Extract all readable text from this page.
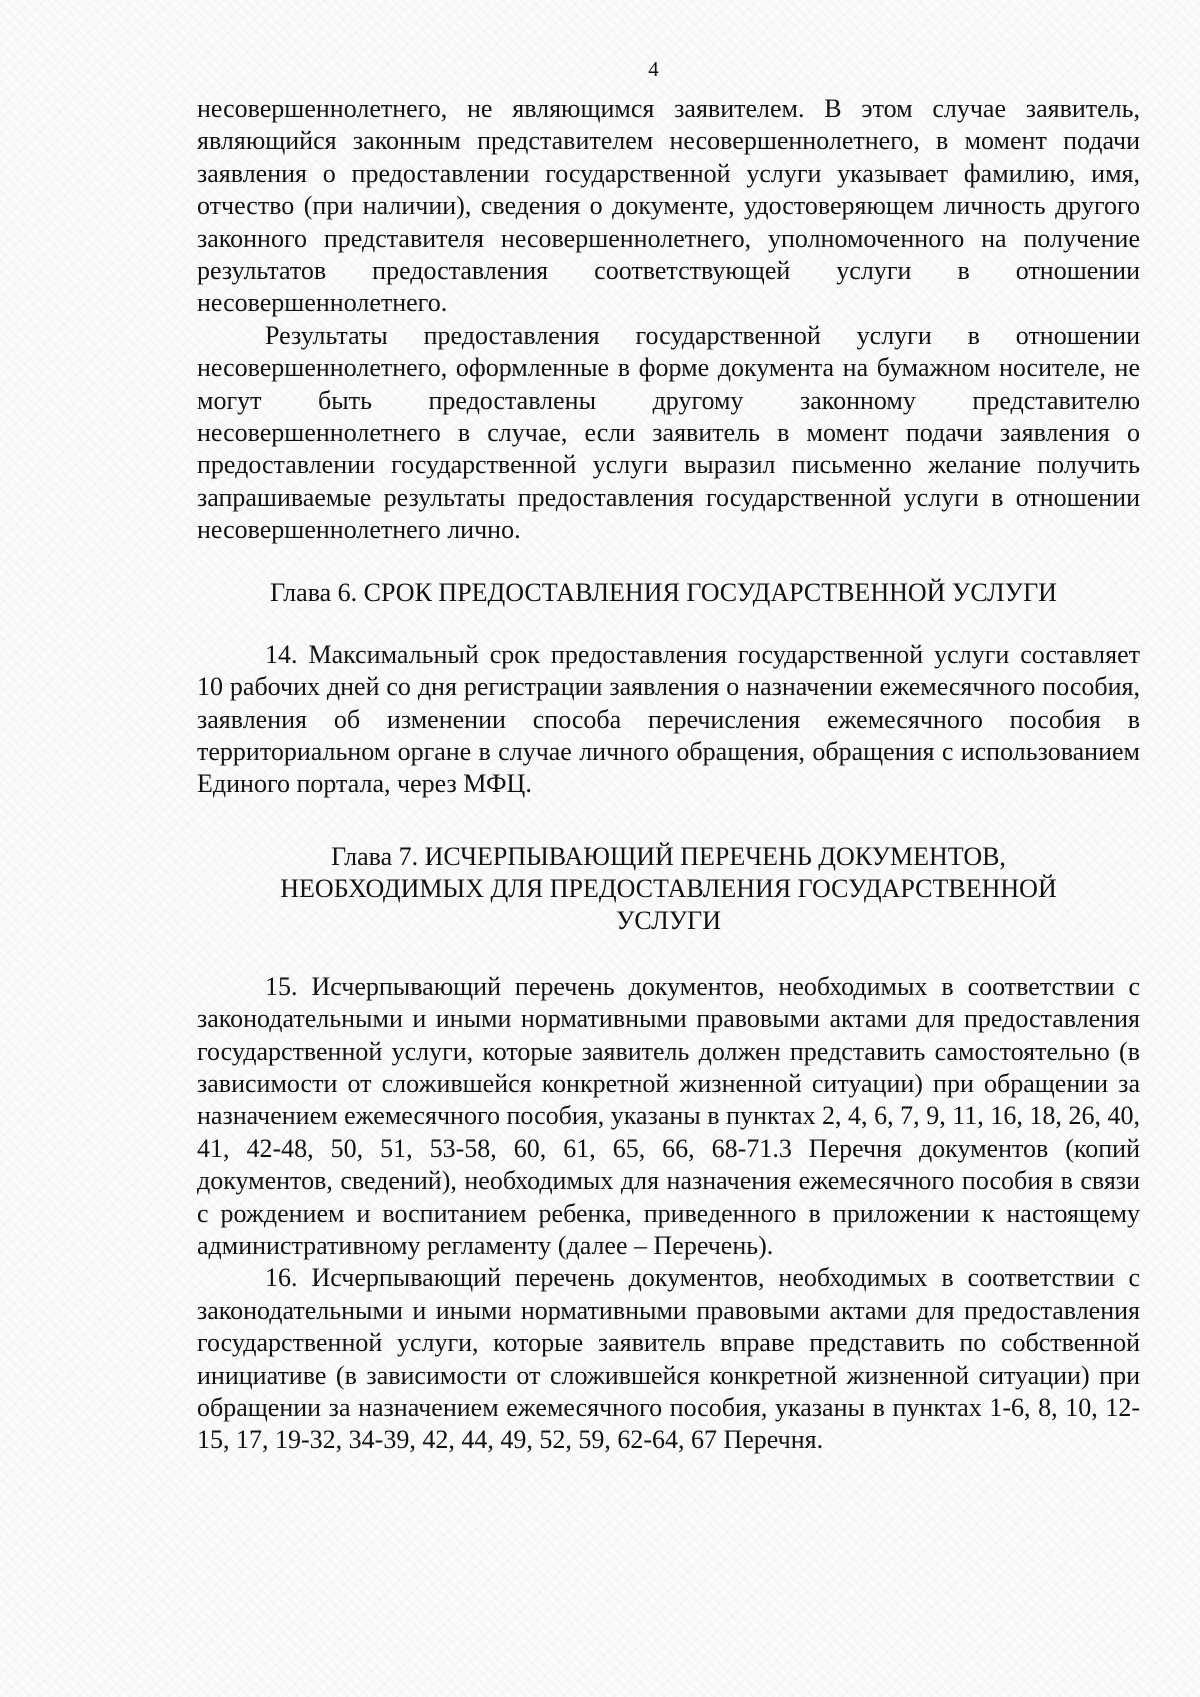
4

несовершеннолетнего, не являющимся заявителем. В этом случае заявитель, являющийся законным представителем несовершеннолетнего, в момент подачи заявления о предоставлении государственной услуги указывает фамилию, имя, отчество (при наличии), сведения о документе, удостоверяющем личность другого законного представителя несовершеннолетнего, уполномоченного на получение результатов предоставления соответствующей услуги в отношении несовершеннолетнего.

Результаты предоставления государственной услуги в отношении несовершеннолетнего, оформленные в форме документа на бумажном носителе, не могут быть предоставлены другому законному представителю несовершеннолетнего в случае, если заявитель в момент подачи заявления о предоставлении государственной услуги выразил письменно желание получить запрашиваемые результаты предоставления государственной услуги в отношении несовершеннолетнего лично.

Глава 6. СРОК ПРЕДОСТАВЛЕНИЯ ГОСУДАРСТВЕННОЙ УСЛУГИ

14. Максимальный срок предоставления государственной услуги составляет 10 рабочих дней со дня регистрации заявления о назначении ежемесячного пособия, заявления об изменении способа перечисления ежемесячного пособия в территориальном органе в случае личного обращения, обращения с использованием Единого портала, через МФЦ.

Глава 7. ИСЧЕРПЫВАЮЩИЙ ПЕРЕЧЕНЬ ДОКУМЕНТОВ, НЕОБХОДИМЫХ ДЛЯ ПРЕДОСТАВЛЕНИЯ ГОСУДАРСТВЕННОЙ УСЛУГИ

15. Исчерпывающий перечень документов, необходимых в соответствии с законодательными и иными нормативными правовыми актами для предоставления государственной услуги, которые заявитель должен представить самостоятельно (в зависимости от сложившейся конкретной жизненной ситуации) при обращении за назначением ежемесячного пособия, указаны в пунктах 2, 4, 6, 7, 9, 11, 16, 18, 26, 40, 41, 42-48, 50, 51, 53-58, 60, 61, 65, 66, 68-71.3 Перечня документов (копий документов, сведений), необходимых для назначения ежемесячного пособия в связи с рождением и воспитанием ребенка, приведенного в приложении к настоящему административному регламенту (далее – Перечень).

16. Исчерпывающий перечень документов, необходимых в соответствии с законодательными и иными нормативными правовыми актами для предоставления государственной услуги, которые заявитель вправе представить по собственной инициативе (в зависимости от сложившейся конкретной жизненной ситуации) при обращении за назначением ежемесячного пособия, указаны в пунктах 1-6, 8, 10, 12-15, 17, 19-32, 34-39, 42, 44, 49, 52, 59, 62-64, 67 Перечня.
